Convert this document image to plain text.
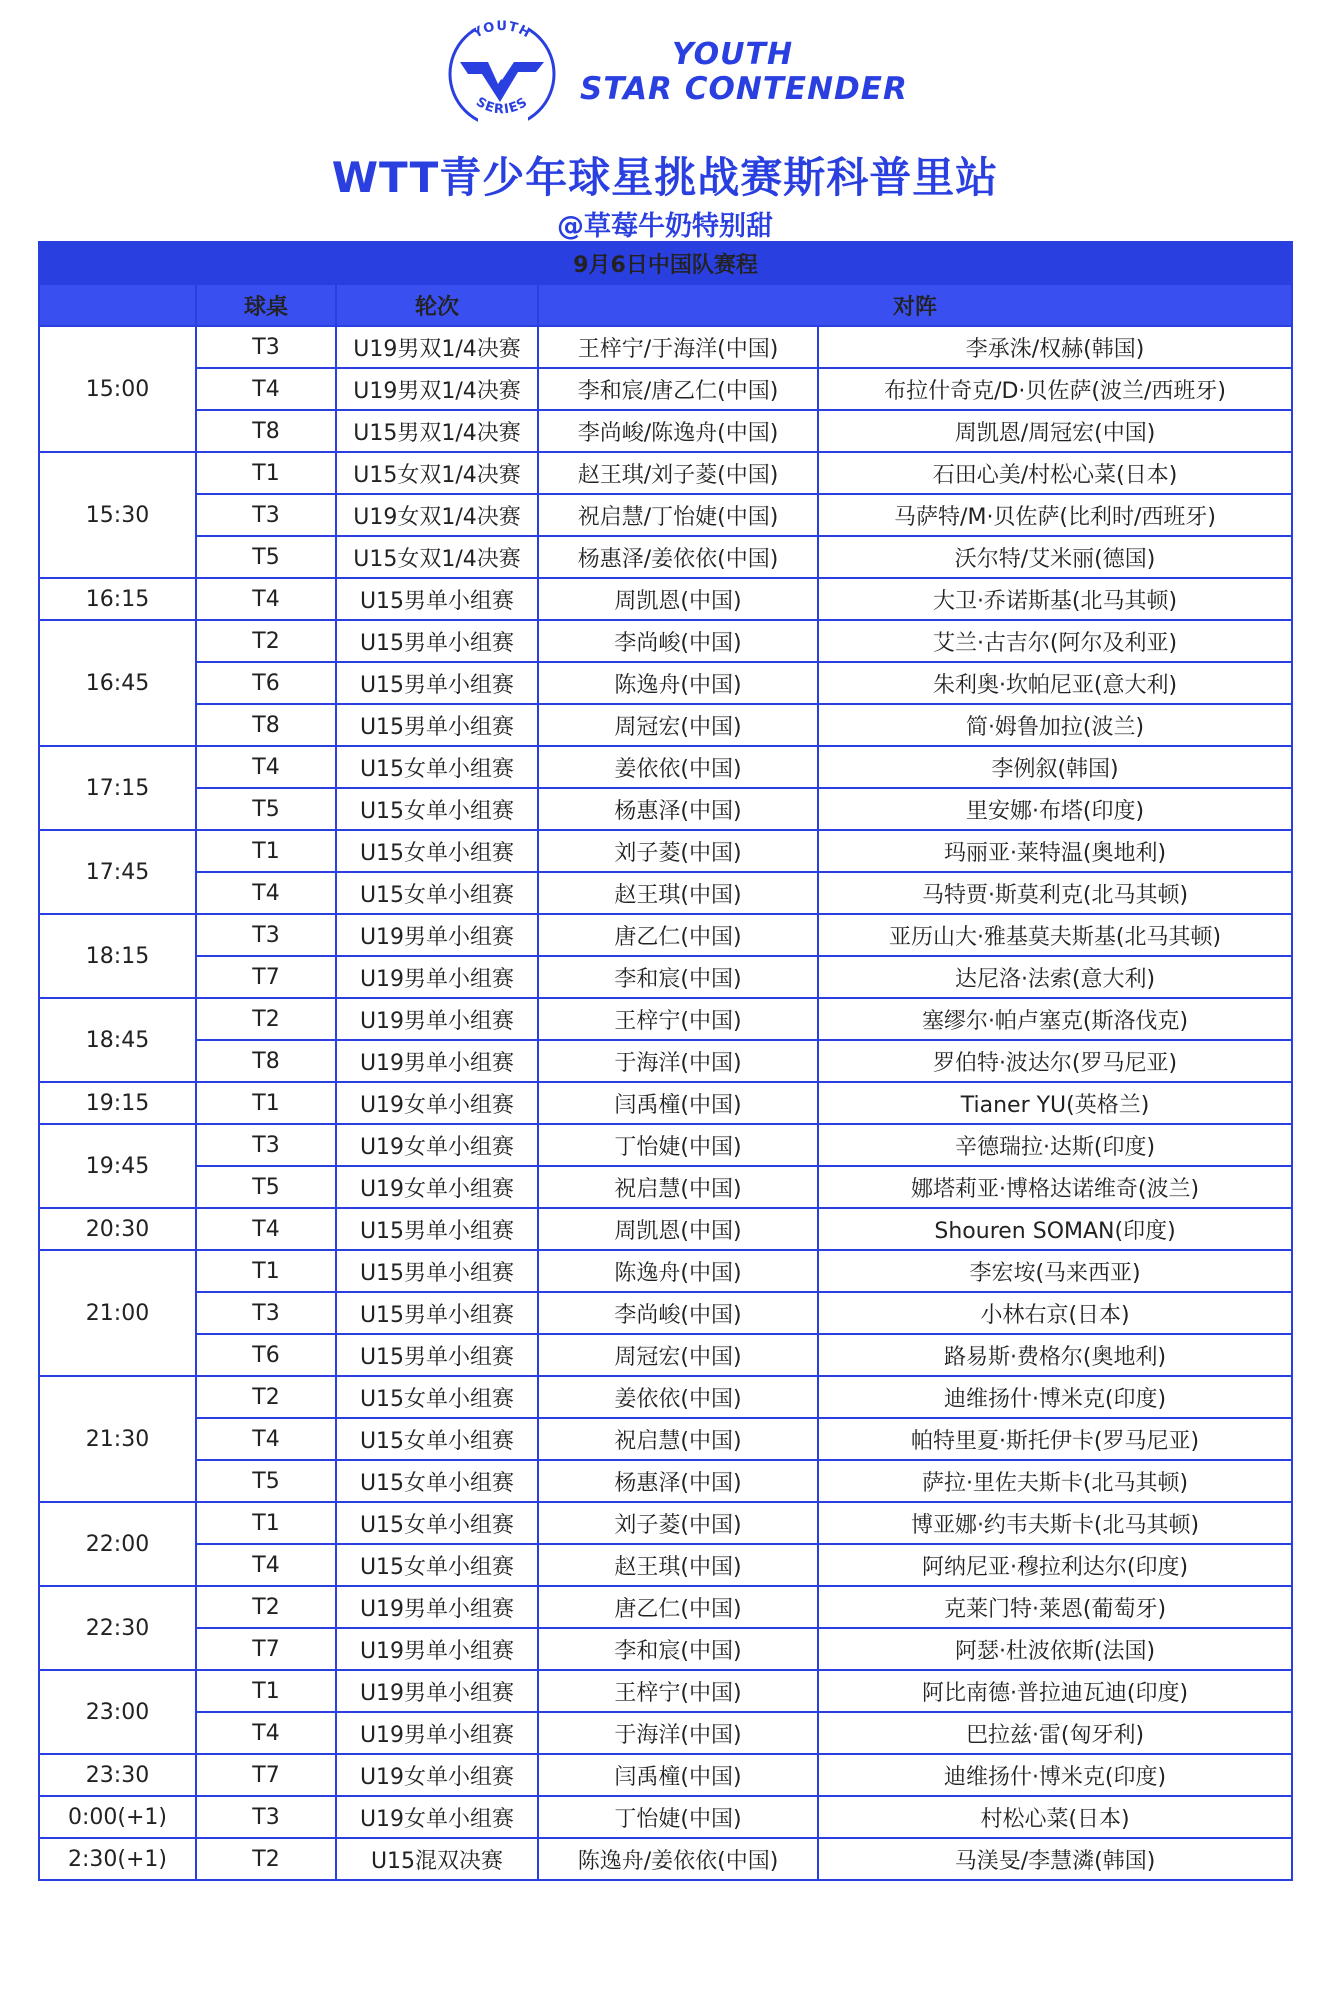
YOUTH
SERIES
YOUTH
STAR CONTENDER
WTT青少年球星挑战赛斯科普里站
@草莓牛奶特别甜
9月6日中国队赛程				
	球桌	轮次	对阵	
15:00	T3	U19男双1/4决赛	王梓宁/于海洋(中国)	李承洙/权赫(韩国)
	T4	U19男双1/4决赛	李和宸/唐乙仁(中国)	布拉什奇克/D·贝佐萨(波兰/西班牙)
	T8	U15男双1/4决赛	李尚峻/陈逸舟(中国)	周凯恩/周冠宏(中国)
15:30	T1	U15女双1/4决赛	赵王琪/刘子菱(中国)	石田心美/村松心菜(日本)
	T3	U19女双1/4决赛	祝启慧/丁怡婕(中国)	马萨特/M·贝佐萨(比利时/西班牙)
	T5	U15女双1/4决赛	杨惠泽/姜依依(中国)	沃尔特/艾米丽(德国)
16:15	T4	U15男单小组赛	周凯恩(中国)	大卫·乔诺斯基(北马其顿)
16:45	T2	U15男单小组赛	李尚峻(中国)	艾兰·古吉尔(阿尔及利亚)
	T6	U15男单小组赛	陈逸舟(中国)	朱利奥·坎帕尼亚(意大利)
	T8	U15男单小组赛	周冠宏(中国)	简·姆鲁加拉(波兰)
17:15	T4	U15女单小组赛	姜依依(中国)	李例叙(韩国)
	T5	U15女单小组赛	杨惠泽(中国)	里安娜·布塔(印度)
17:45	T1	U15女单小组赛	刘子菱(中国)	玛丽亚·莱特温(奥地利)
	T4	U15女单小组赛	赵王琪(中国)	马特贾·斯莫利克(北马其顿)
18:15	T3	U19男单小组赛	唐乙仁(中国)	亚历山大·雅基莫夫斯基(北马其顿)
	T7	U19男单小组赛	李和宸(中国)	达尼洛·法索(意大利)
18:45	T2	U19男单小组赛	王梓宁(中国)	塞缪尔·帕卢塞克(斯洛伐克)
	T8	U19男单小组赛	于海洋(中国)	罗伯特·波达尔(罗马尼亚)
19:15	T1	U19女单小组赛	闫禹橦(中国)	Tianer YU(英格兰)
19:45	T3	U19女单小组赛	丁怡婕(中国)	辛德瑞拉·达斯(印度)
	T5	U19女单小组赛	祝启慧(中国)	娜塔莉亚·博格达诺维奇(波兰)
20:30	T4	U15男单小组赛	周凯恩(中国)	Shouren SOMAN(印度)
21:00	T1	U15男单小组赛	陈逸舟(中国)	李宏垵(马来西亚)
	T3	U15男单小组赛	李尚峻(中国)	小林右京(日本)
	T6	U15男单小组赛	周冠宏(中国)	路易斯·费格尔(奥地利)
21:30	T2	U15女单小组赛	姜依依(中国)	迪维扬什·博米克(印度)
	T4	U15女单小组赛	祝启慧(中国)	帕特里夏·斯托伊卡(罗马尼亚)
	T5	U15女单小组赛	杨惠泽(中国)	萨拉·里佐夫斯卡(北马其顿)
22:00	T1	U15女单小组赛	刘子菱(中国)	博亚娜·约韦夫斯卡(北马其顿)
	T4	U15女单小组赛	赵王琪(中国)	阿纳尼亚·穆拉利达尔(印度)
22:30	T2	U19男单小组赛	唐乙仁(中国)	克莱门特·莱恩(葡萄牙)
	T7	U19男单小组赛	李和宸(中国)	阿瑟·杜波依斯(法国)
23:00	T1	U19男单小组赛	王梓宁(中国)	阿比南德·普拉迪瓦迪(印度)
	T4	U19男单小组赛	于海洋(中国)	巴拉兹·雷(匈牙利)
23:30	T7	U19女单小组赛	闫禹橦(中国)	迪维扬什·博米克(印度)
0:00(+1)	T3	U19女单小组赛	丁怡婕(中国)	村松心菜(日本)
2:30(+1)	T2	U15混双决赛	陈逸舟/姜依依(中国)	马渼旻/李慧潾(韩国)
